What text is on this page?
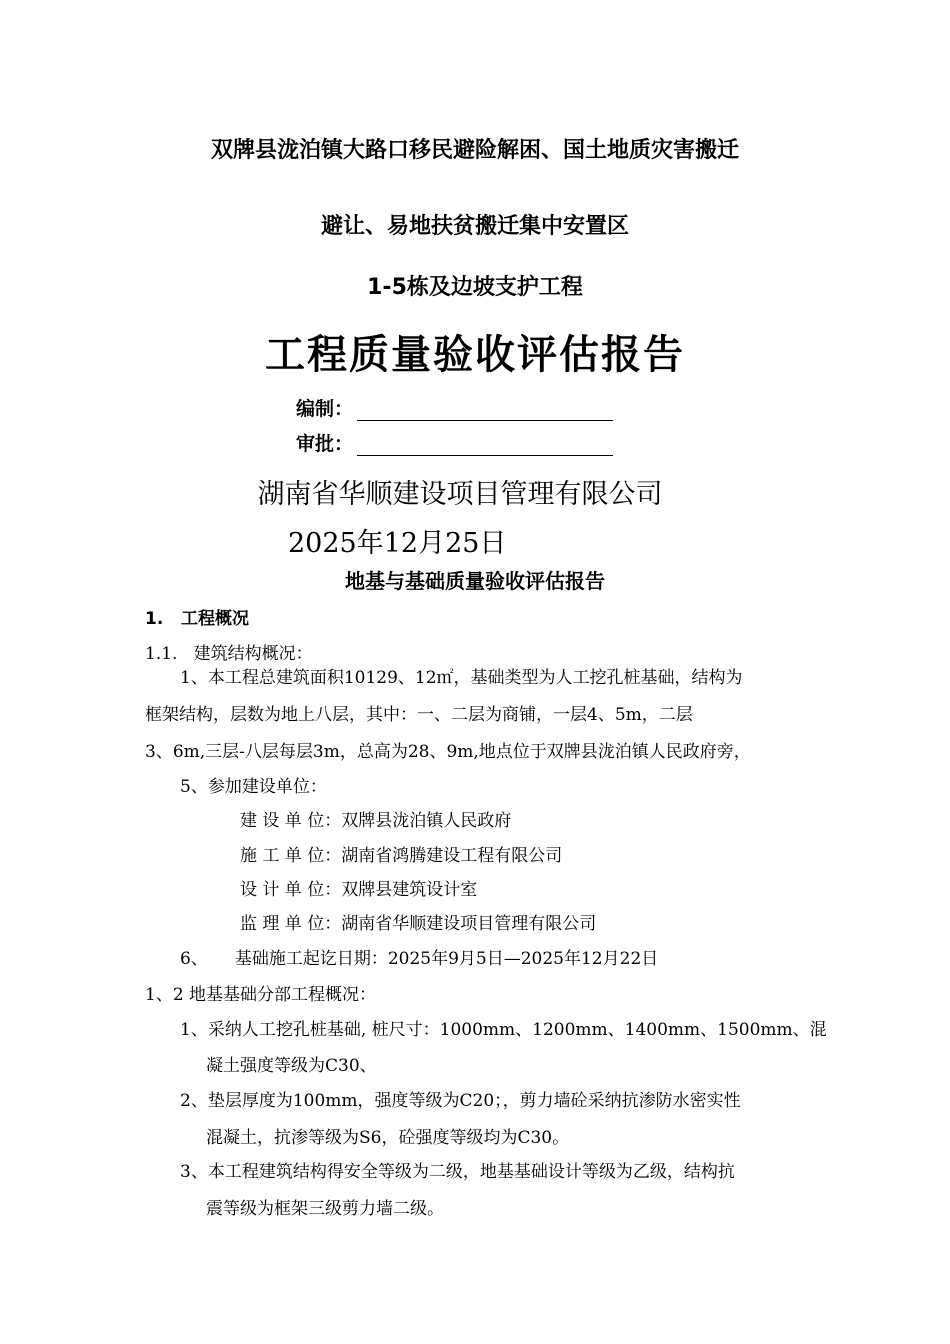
双牌县泷泊镇大路口移民避险解困、国土地质灾害搬迁
避让、易地扶贫搬迁集中安置区
1-5栋及边坡支护工程
工程质量验收评估报告
编制：
审批：
湖南省华顺建设项目管理有限公司
2025年12月25日
地基与基础质量验收评估报告
1.   工程概况
1.1.   建筑结构概况：
1、本工程总建筑面积10129、12㎡，基础类型为人工挖孔桩基础，结构为
框架结构，层数为地上八层，其中：一、二层为商铺，一层4、5m，二层
3、6m,三层-八层每层3m，总高为28、9m,地点位于双牌县泷泊镇人民政府旁，
5、参加建设单位：
建 设 单 位：双牌县泷泊镇人民政府
施 工 单 位：湖南省鸿腾建设工程有限公司
设 计 单 位：双牌县建筑设计室
监 理 单 位：湖南省华顺建设项目管理有限公司
6、     基础施工起讫日期：2025年9月5日—2025年12月22日
1、2 地基基础分部工程概况：
1、采纳人工挖孔桩基础, 桩尺寸：1000mm、1200mm、1400mm、1500mm、混
凝土强度等级为C30、
2、垫层厚度为100mm，强度等级为C20；，剪力墙砼采纳抗渗防水密实性
混凝土，抗渗等级为S6，砼强度等级均为C30。
3、本工程建筑结构得安全等级为二级，地基基础设计等级为乙级，结构抗
震等级为框架三级剪力墙二级。
